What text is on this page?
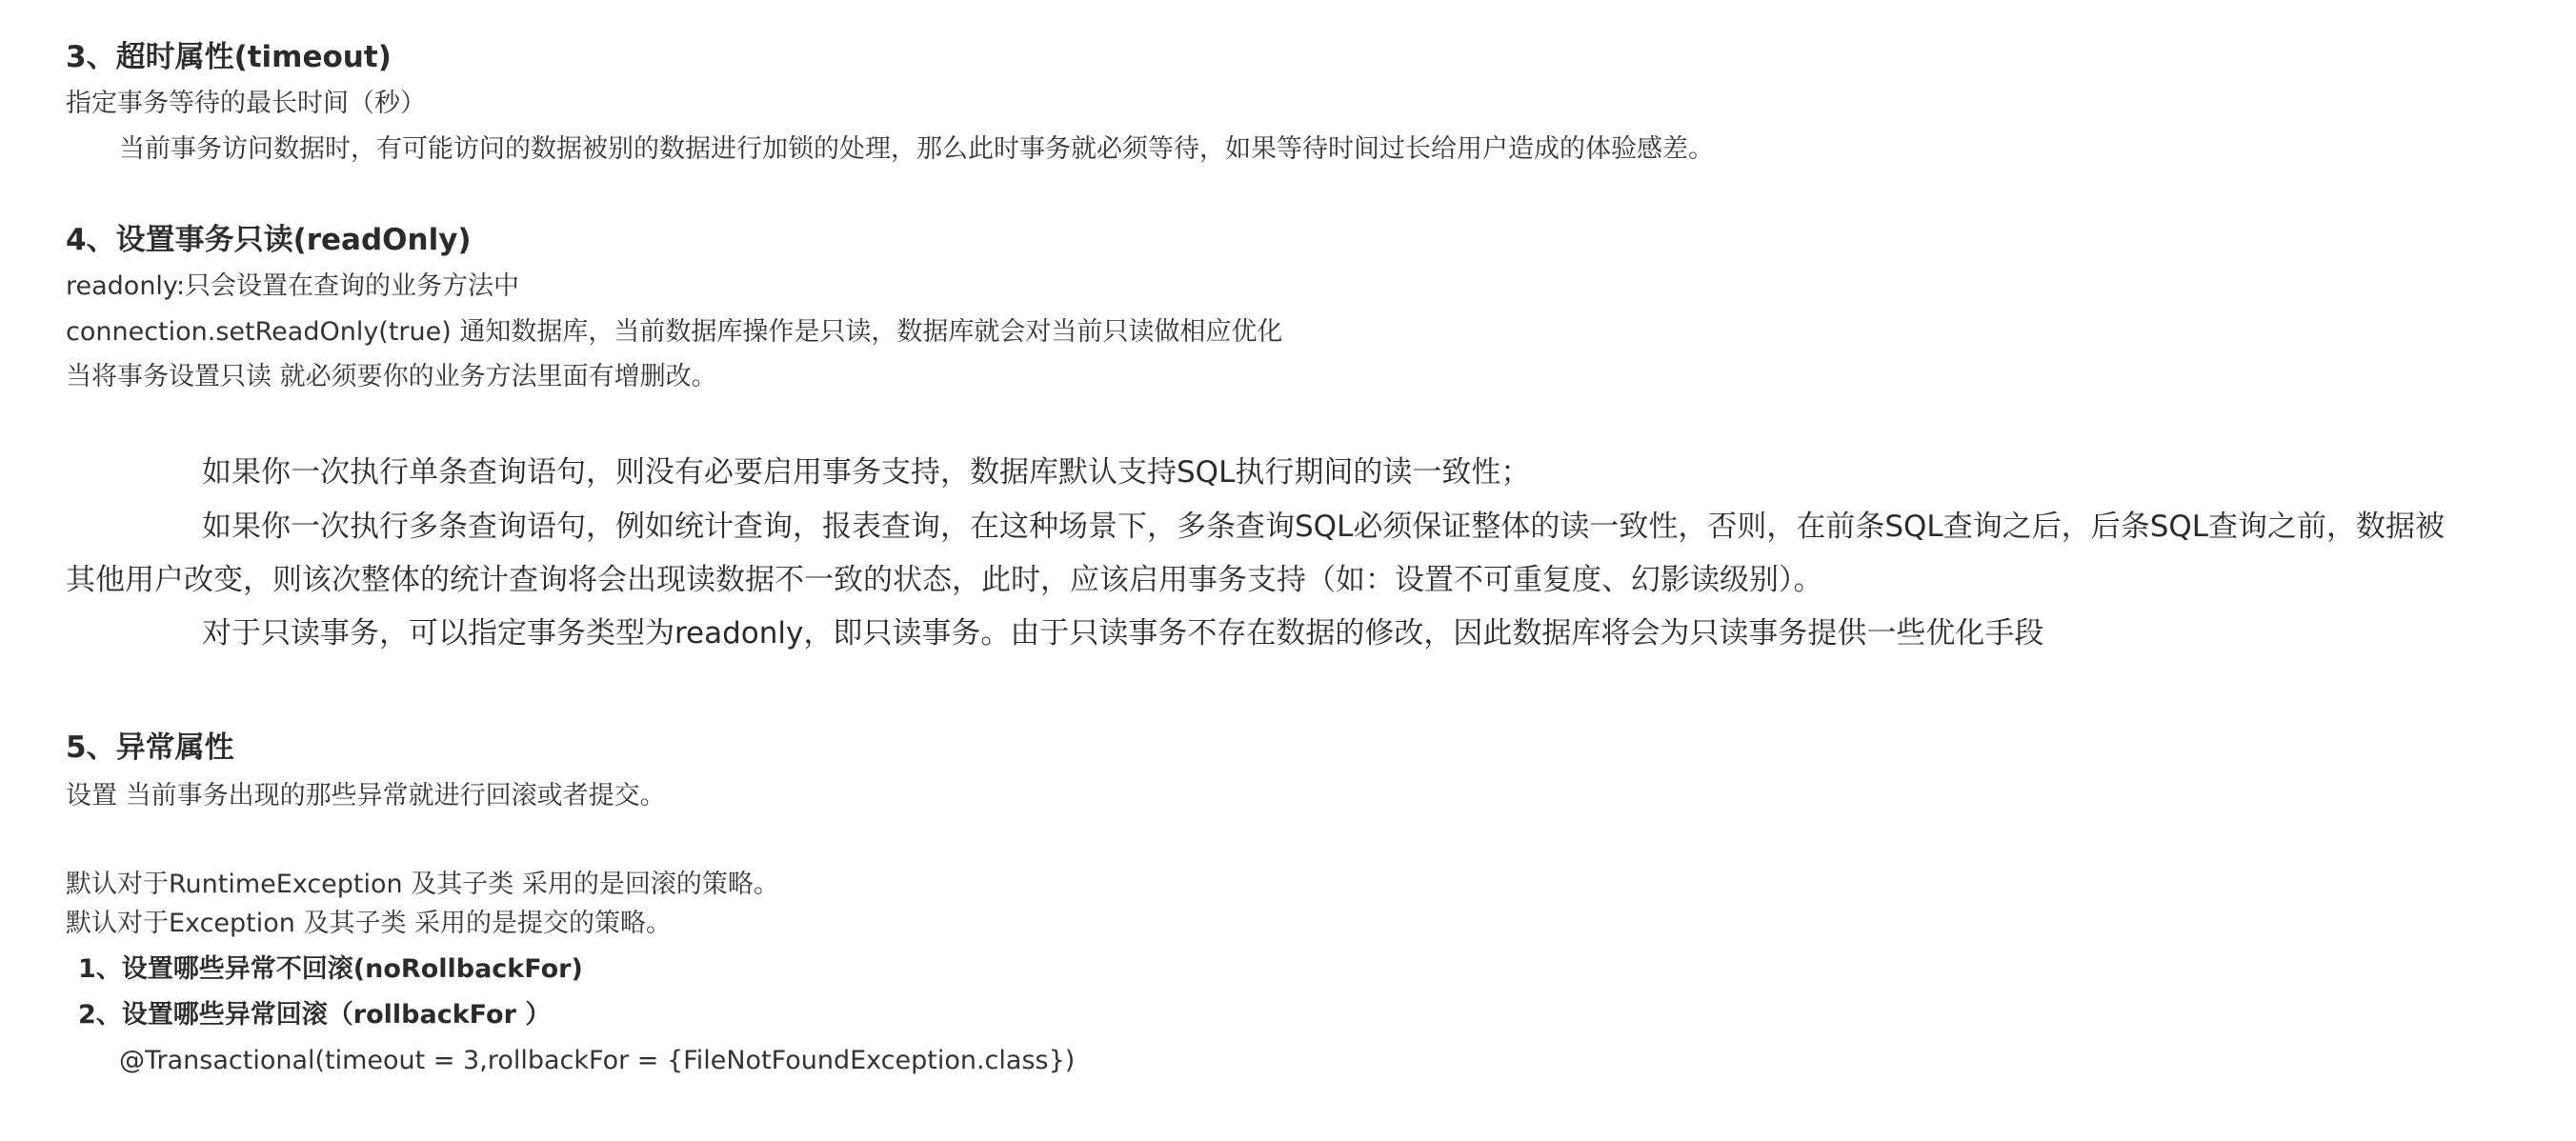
3、超时属性(timeout)
指定事务等待的最长时间（秒）
当前事务访问数据时，有可能访问的数据被别的数据进行加锁的处理，那么此时事务就必须等待，如果等待时间过长给用户造成的体验感差。
4、设置事务只读(readOnly)
readonly:只会设置在查询的业务方法中
connection.setReadOnly(true) 通知数据库，当前数据库操作是只读，数据库就会对当前只读做相应优化
当将事务设置只读 就必须要你的业务方法里面有增删改。
如果你一次执行单条查询语句，则没有必要启用事务支持，数据库默认支持SQL执行期间的读一致性；
如果你一次执行多条查询语句，例如统计查询，报表查询，在这种场景下，多条查询SQL必须保证整体的读一致性，否则，在前条SQL查询之后，后条SQL查询之前，数据被
其他用户改变，则该次整体的统计查询将会出现读数据不一致的状态，此时，应该启用事务支持（如：设置不可重复度、幻影读级别）。
对于只读事务，可以指定事务类型为readonly，即只读事务。由于只读事务不存在数据的修改，因此数据库将会为只读事务提供一些优化手段
5、异常属性
设置 当前事务出现的那些异常就进行回滚或者提交。
默认对于RuntimeException 及其子类 采用的是回滚的策略。
默认对于Exception 及其子类 采用的是提交的策略。
1、设置哪些异常不回滚(noRollbackFor)
2、设置哪些异常回滚（rollbackFor ）
@Transactional(timeout = 3,rollbackFor = {FileNotFoundException.class})
